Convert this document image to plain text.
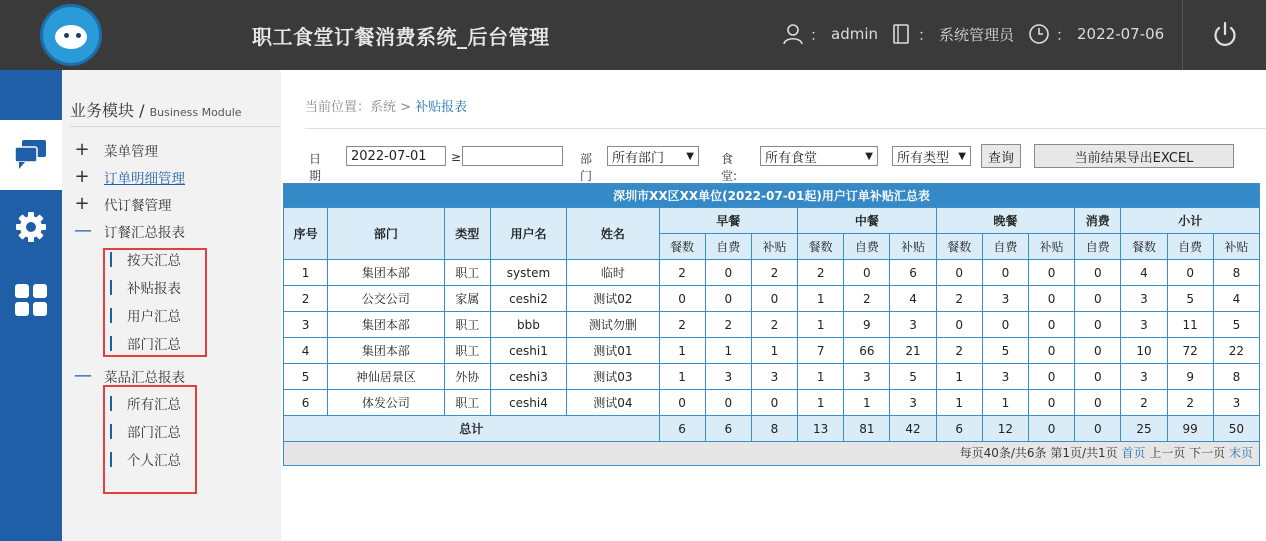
职工食堂订餐消费系统_后台管理	： admin	： 系统管理员	： 2022-07-06
业务模块 / Business Module
+ 菜单管理
+ 订单明细管理
+ 代订餐管理
— 订餐汇总报表
按天汇总
补贴报表
用户汇总
部门汇总
— 菜品汇总报表
所有汇总
部门汇总
个人汇总
当前位置：系统 > 补贴报表
日期
2022-07-01
≥	部门
所有部门 ▼ 食堂:
所有食堂	▼ 所有类型 ▼	查询	当前结果导出EXCEL
深圳市XX区XX单位(2022-07-01起)用户订单补贴汇总表																	
序号	部门	类型	用户名	姓名	早餐			中餐			晚餐			消费	小计		
					餐数	自费	补贴	餐数	自费	补贴	餐数	自费	补贴	自费	餐数	自费	补贴
1	集团本部	职工	system	临时	2	0	2	2	0	6	0	0	0	0	4	0	8
2	公交公司	家属	ceshi2	测试02	0	0	0	1	2	4	2	3	0	0	3	5	4
3	集团本部	职工	bbb	测试勿删	2	2	2	1	9	3	0	0	0	0	3	11	5
4	集团本部	职工	ceshi1	测试01	1	1	1	7	66	21	2	5	0	0	10	72	22
5	神仙居景区	外协	ceshi3	测试03	1	3	3	1	3	5	1	3	0	0	3	9	8
6	体发公司	职工	ceshi4	测试04	0	0	0	1	1	3	1	1	0	0	2	2	3
总计					6	6	8	13	81	42	6	12	0	0	25	99	50
每页40条/共6条 第1页/共1页 首页 上一页 下一页 末页
